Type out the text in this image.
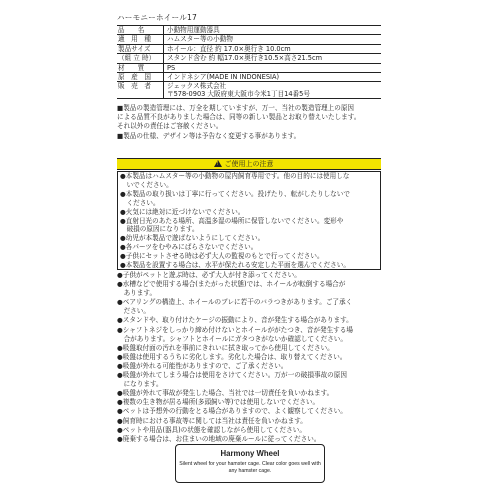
ハーモニーホイール17
品　　名	小動物用運動器具
適　用　種	ハムスター等の小動物
製品サイズ	ホイール：直径 約 17.0×奥行き 10.0cm
（組 立 時）	スタンド含む 約 幅17.0×奥行き10.5×高さ21.5cm
材　　質	PS
原　産　国	インドネシア(MADE IN INDONESIA)
販　売　者	ジェックス株式会社
〒578-0903 大阪府東大阪市今米1丁目14番5号
■製品の製造管理には、万全を期していますが、万一、当社の製造管理上の原因
による品質不良がありました場合は、同等の新しい製品とお取り替えいたします。
それ以外の責任はご容赦ください。
■製品の仕様、デザイン等は予告なく変更する事があります。
!
ご使用上の注意
●本製品はハムスター等の小動物の屋内飼育専用です。他の目的には使用しな
　いでください。
●本製品の取り扱いは丁寧に行ってください。投げたり、転がしたりしないで
　ください。
●火気には絶対に近づけないでください。
●直射日光のあたる場所、高温多湿の場所に保管しないでください。変形や
　破損の原因になります。
●幼児が本製品で遊ばないようにしてください。
●各パーツをむやみにばらさないでください。
●子供にセットさせる時は必ず大人の監視のもとで行ってください。
●本製品を設置する場合は、水平が保たれる安定した平面を選んでください。
●子供がペットと遊ぶ時は、必ず大人が付き添ってください。
●水槽などで使用する場合(またがった状態)では、ホイールが転倒する場合が
　あります。
●ベアリングの構造上、ホイールのブレに若干のバラつきがあります。ご了承く
　ださい。
●スタンドや、取り付けたケージの振動により、音が発生する場合があります。
●シャフトネジをしっかり締め付けないとホイールががたつき、音が発生する場
　合があります。シャフトとホイールにガタつきがないか確認してください。
●吸盤取付面の汚れを事前にきれいに拭き取ってから使用してください。
●吸盤は使用するうちに劣化します。劣化した場合は、取り替えてください。
●吸盤が外れる可能性がありますので、ご了承ください。
●吸盤が外れてしまう場合は使用をさけてください。万が一の破損事故の原因
　になります。
●吸盤が外れて事故が発生した場合、当社では一切責任を負いかねます。
●複数の生き物が居る場所(多頭飼い等)では使用しないでください。
●ペットは予想外の行動をとる場合がありますので、よく観察してください。
●飼育時における事故等に関しては当社は責任を負いかねます。
●ペットや用品(器具)の状態を確認しながら使用してください。
●廃棄する場合は、お住まいの地域の廃棄ルールに従ってください。
Harmony Wheel
Silent wheel for your hamster cage. Clear color goes well with any hamster cage.
